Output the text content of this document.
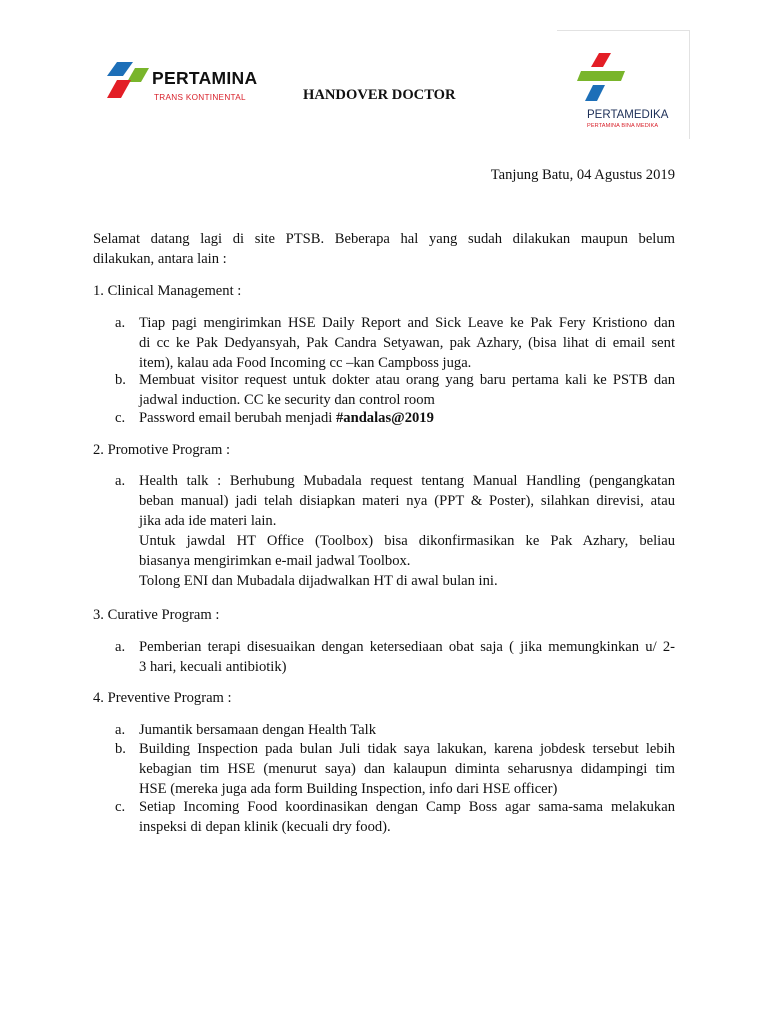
PERTAMINA
TRANS KONTINENTAL	HANDOVER DOCTOR
PERTAMEDIKA
PERTAMINA BINA MEDIKA
Tanjung Batu, 04 Agustus 2019
Selamat datang lagi di site PTSB. Beberapa hal yang sudah dilakukan maupun belum
dilakukan, antara lain :
1. Clinical Management :
a. Tiap pagi mengirimkan HSE Daily Report and Sick Leave ke Pak Fery Kristiono dan
di cc ke Pak Dedyansyah, Pak Candra Setyawan, pak Azhary, (bisa lihat di email sent
item), kalau ada Food Incoming cc –kan Campboss juga.
b. Membuat visitor request untuk dokter atau orang yang baru pertama kali ke PSTB dan
jadwal induction. CC ke security dan control room
c. Password email berubah menjadi #andalas@2019
2. Promotive Program :
a. Health talk : Berhubung Mubadala request tentang Manual Handling (pengangkatan
beban manual) jadi telah disiapkan materi nya (PPT & Poster), silahkan direvisi, atau
jika ada ide materi lain.
Untuk jawdal HT Office (Toolbox) bisa dikonfirmasikan ke Pak Azhary, beliau
biasanya mengirimkan e-mail jadwal Toolbox.
Tolong ENI dan Mubadala dijadwalkan HT di awal bulan ini.
3. Curative Program :
a. Pemberian terapi disesuaikan dengan ketersediaan obat saja ( jika memungkinkan u/ 2-
3 hari, kecuali antibiotik)
4. Preventive Program :
a. Jumantik bersamaan dengan Health Talk
b. Building Inspection pada bulan Juli tidak saya lakukan, karena jobdesk tersebut lebih
kebagian tim HSE (menurut saya) dan kalaupun diminta seharusnya didampingi tim
HSE (mereka juga ada form Building Inspection, info dari HSE officer)
c. Setiap Incoming Food koordinasikan dengan Camp Boss agar sama-sama melakukan
inspeksi di depan klinik (kecuali dry food).
